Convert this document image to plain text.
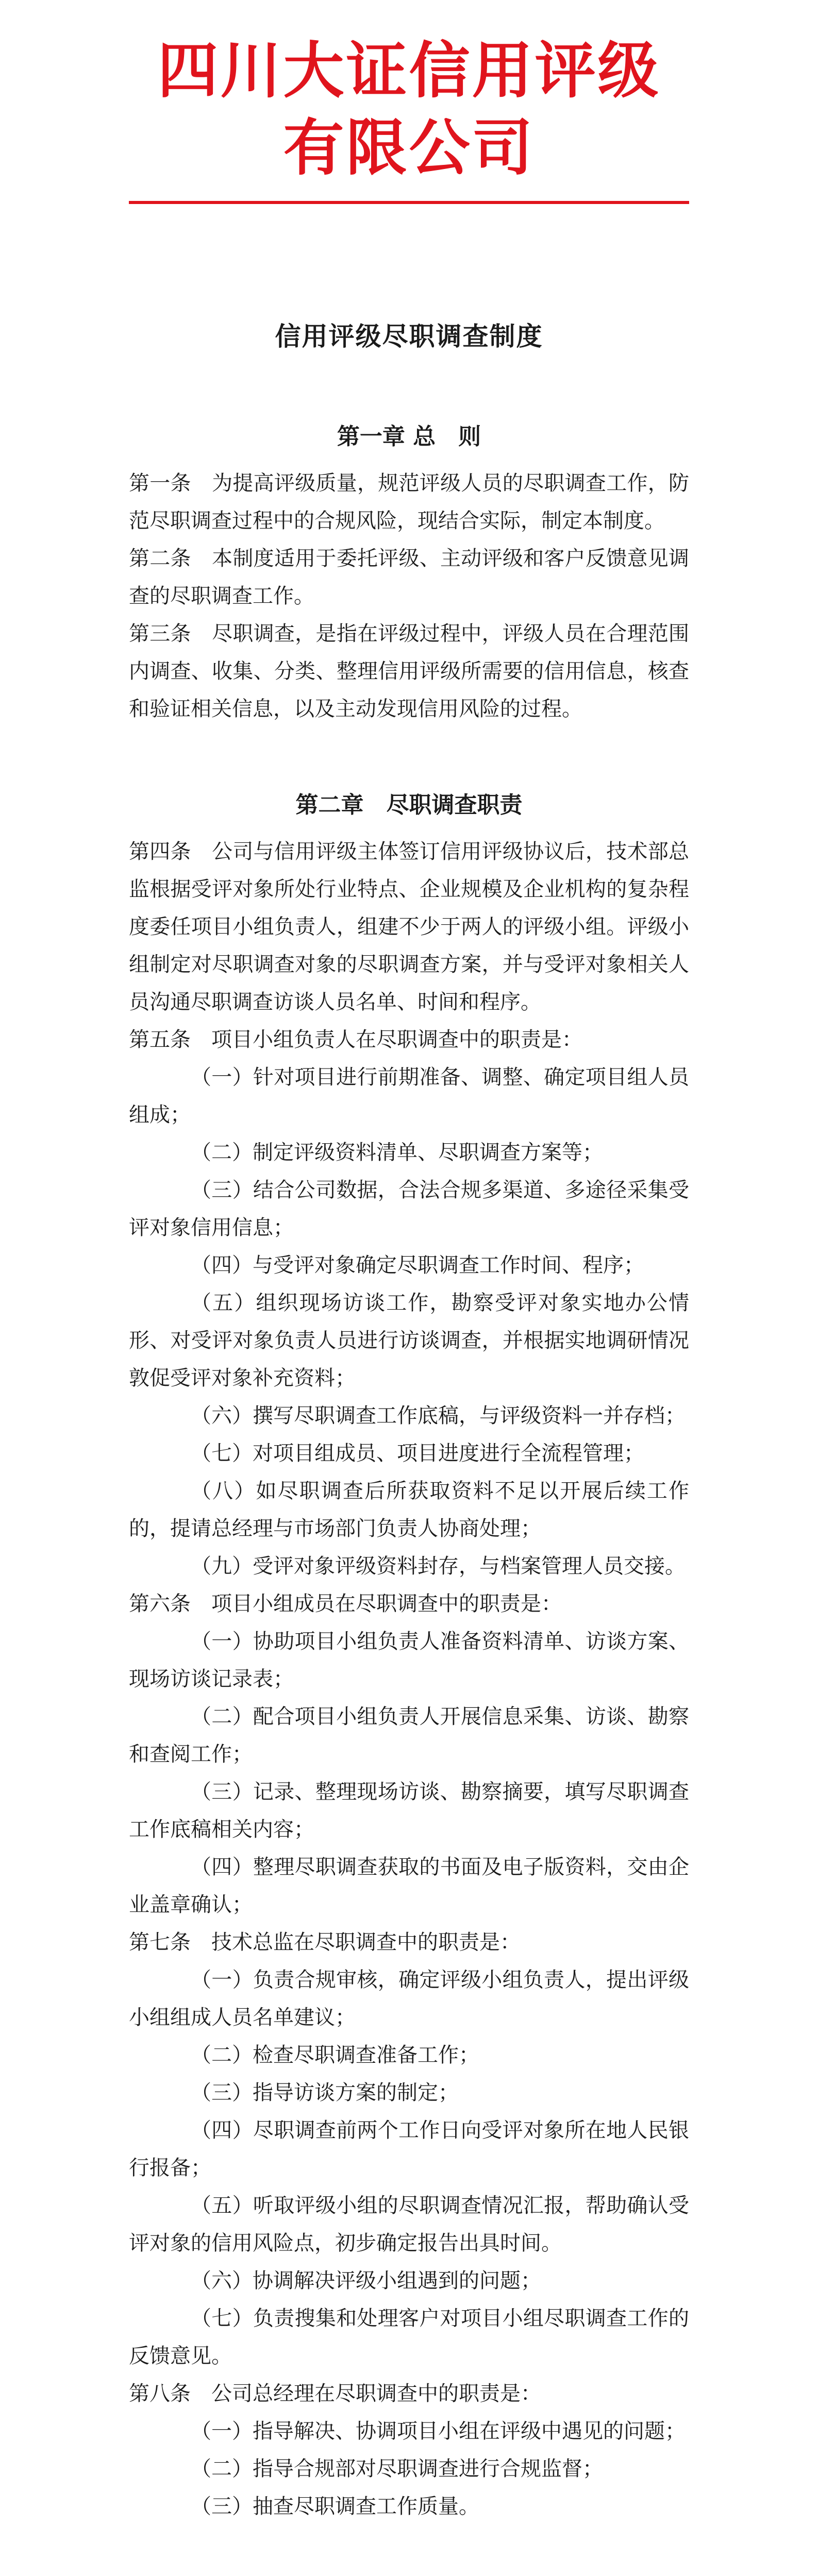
四川大证信用评级有限公司
信用评级尽职调查制度
第一章 总　则

第一条　为提高评级质量，规范评级人员的尽职调查工作，防范尽职调查过程中的合规风险，现结合实际，制定本制度。

第二条　本制度适用于委托评级、主动评级和客户反馈意见调查的尽职调查工作。

第三条　尽职调查，是指在评级过程中，评级人员在合理范围内调查、收集、分类、整理信用评级所需要的信用信息，核查和验证相关信息，以及主动发现信用风险的过程。

第二章　尽职调查职责

第四条　公司与信用评级主体签订信用评级协议后，技术部总监根据受评对象所处行业特点、企业规模及企业机构的复杂程度委任项目小组负责人，组建不少于两人的评级小组。评级小组制定对尽职调查对象的尽职调查方案，并与受评对象相关人员沟通尽职调查访谈人员名单、时间和程序。

第五条　项目小组负责人在尽职调查中的职责是：

（一）针对项目进行前期准备、调整、确定项目组人员组成；

（二）制定评级资料清单、尽职调查方案等；

（三）结合公司数据，合法合规多渠道、多途径采集受评对象信用信息；

（四）与受评对象确定尽职调查工作时间、程序；

（五）组织现场访谈工作，勘察受评对象实地办公情形、对受评对象负责人员进行访谈调查，并根据实地调研情况敦促受评对象补充资料；

（六）撰写尽职调查工作底稿，与评级资料一并存档；

（七）对项目组成员、项目进度进行全流程管理；

（八）如尽职调查后所获取资料不足以开展后续工作的，提请总经理与市场部门负责人协商处理；

（九）受评对象评级资料封存，与档案管理人员交接。

第六条　项目小组成员在尽职调查中的职责是：

（一）协助项目小组负责人准备资料清单、访谈方案、现场访谈记录表；

（二）配合项目小组负责人开展信息采集、访谈、勘察和查阅工作；

（三）记录、整理现场访谈、勘察摘要，填写尽职调查工作底稿相关内容；

（四）整理尽职调查获取的书面及电子版资料，交由企业盖章确认；

第七条　技术总监在尽职调查中的职责是：

（一）负责合规审核，确定评级小组负责人，提出评级小组组成人员名单建议；

（二）检查尽职调查准备工作；

（三）指导访谈方案的制定；

（四）尽职调查前两个工作日向受评对象所在地人民银行报备；

（五）听取评级小组的尽职调查情况汇报，帮助确认受评对象的信用风险点，初步确定报告出具时间。

（六）协调解决评级小组遇到的问题；

（七）负责搜集和处理客户对项目小组尽职调查工作的反馈意见。

第八条　公司总经理在尽职调查中的职责是：

（一）指导解决、协调项目小组在评级中遇见的问题；

（二）指导合规部对尽职调查进行合规监督；

（三）抽查尽职调查工作质量。
